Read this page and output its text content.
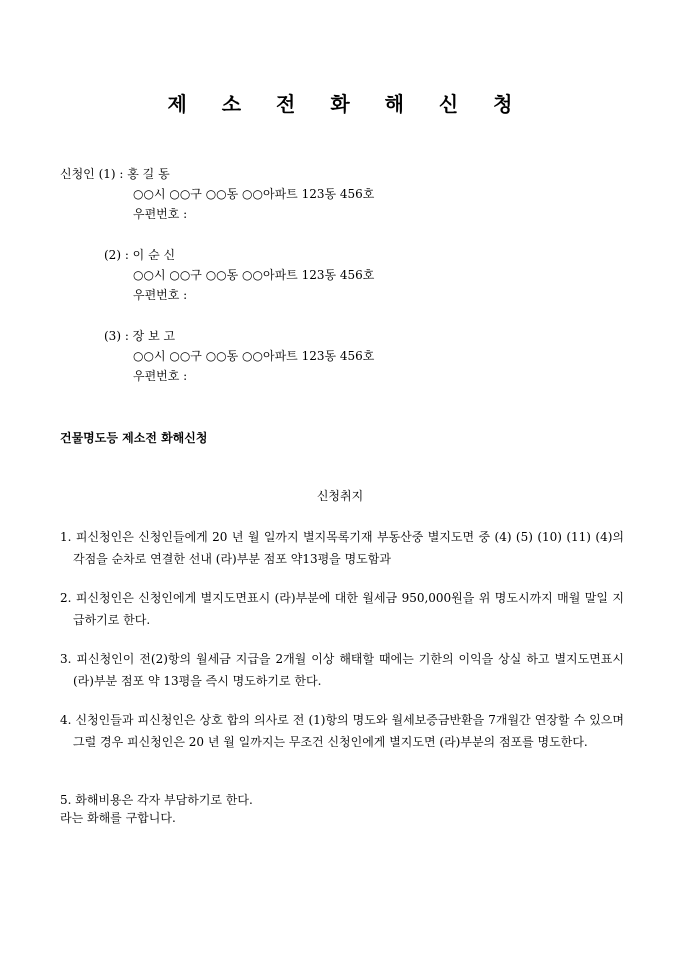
제 소 전 화 해 신 청
신청인 (1) : 홍 길 동
○○시 ○○구 ○○동 ○○아파트 123동 456호
우편번호 :
(2) : 이 순 신
○○시 ○○구 ○○동 ○○아파트 123동 456호
우편번호 :
(3) : 장 보 고
○○시 ○○구 ○○동 ○○아파트 123동 456호
우편번호 :
건물명도등 제소전 화해신청
신청취지
1. 피신청인은 신청인들에게 20 년 월 일까지 별지목록기재 부동산중 별지도면 중 (4) (5) (10) (11) (4)의 각점을 순차로 연결한 선내 (라)부분 점포 약13평을 명도함과
2. 피신청인은 신청인에게 별지도면표시 (라)부분에 대한 월세금 950,000원을 위 명도시까지 매월 말일 지급하기로 한다.
3. 피신청인이 전(2)항의 월세금 지급을 2개월 이상 해태할 때에는 기한의 이익을 상실 하고 별지도면표시 (라)부분 점포 약 13평을 즉시 명도하기로 한다.
4. 신청인들과 피신청인은 상호 합의 의사로 전 (1)항의 명도와 월세보증금반환을 7개월간 연장할 수 있으며 그럴 경우 피신청인은 20 년 월 일까지는 무조건 신청인에게 별지도면 (라)부분의 점포를 명도한다.
5. 화해비용은 각자 부담하기로 한다.
라는 화해를 구합니다.
